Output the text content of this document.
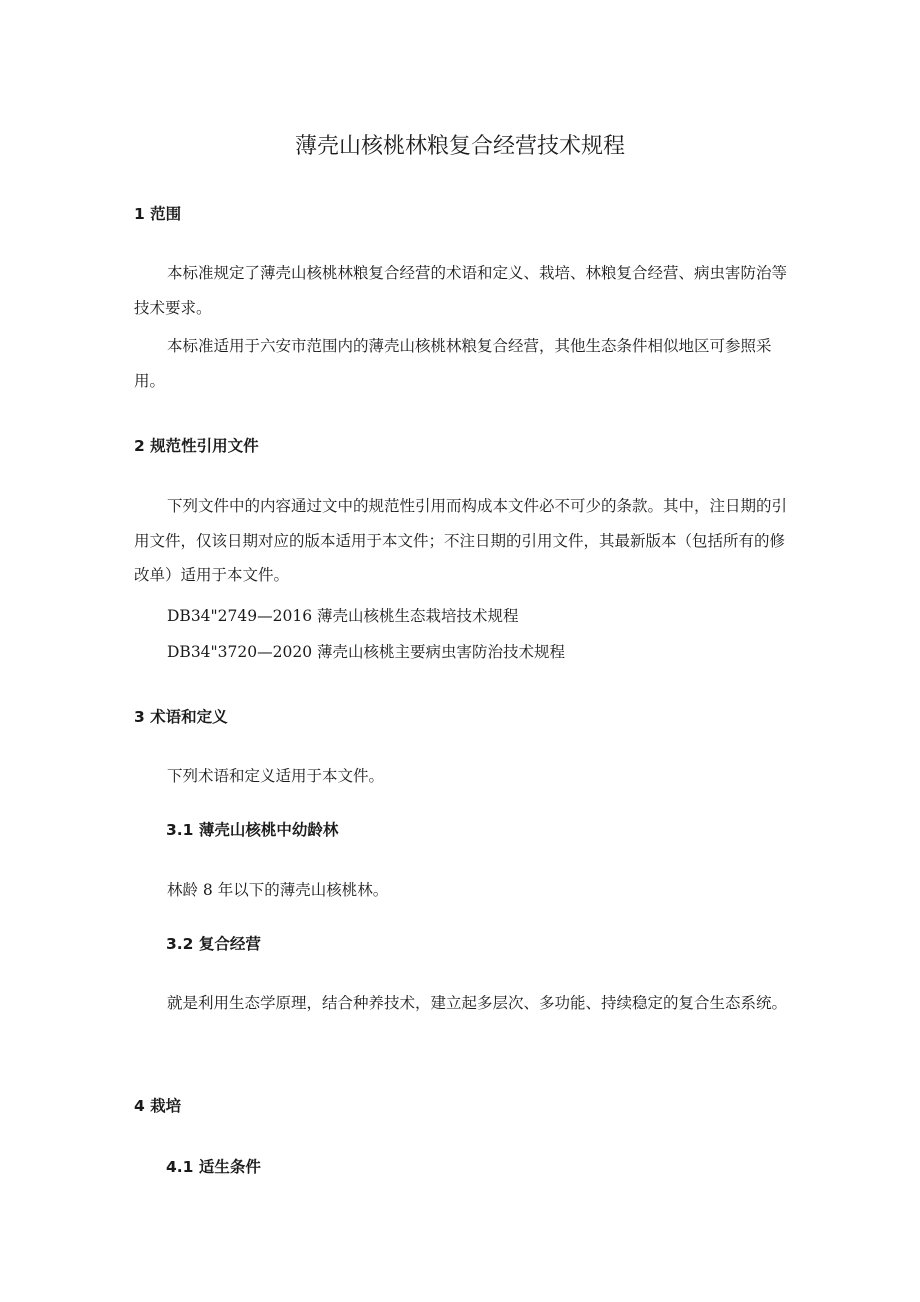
薄壳山核桃林粮复合经营技术规程
1 范围
本标准规定了薄壳山核桃林粮复合经营的术语和定义、栽培、林粮复合经营、病虫害防治等技术要求。
本标准适用于六安市范围内的薄壳山核桃林粮复合经营，其他生态条件相似地区可参照采用。
2 规范性引用文件
下列文件中的内容通过文中的规范性引用而构成本文件必不可少的条款。其中，注日期的引用文件，仅该日期对应的版本适用于本文件；不注日期的引用文件，其最新版本（包括所有的修改单）适用于本文件。
DB34"2749—2016 薄壳山核桃生态栽培技术规程
DB34"3720—2020 薄壳山核桃主要病虫害防治技术规程
3 术语和定义
下列术语和定义适用于本文件。
3.1 薄壳山核桃中幼龄林
林龄 8 年以下的薄壳山核桃林。
3.2 复合经营
就是利用生态学原理，结合种养技术，建立起多层次、多功能、持续稳定的复合生态系统。
4 栽培
4.1 适生条件
